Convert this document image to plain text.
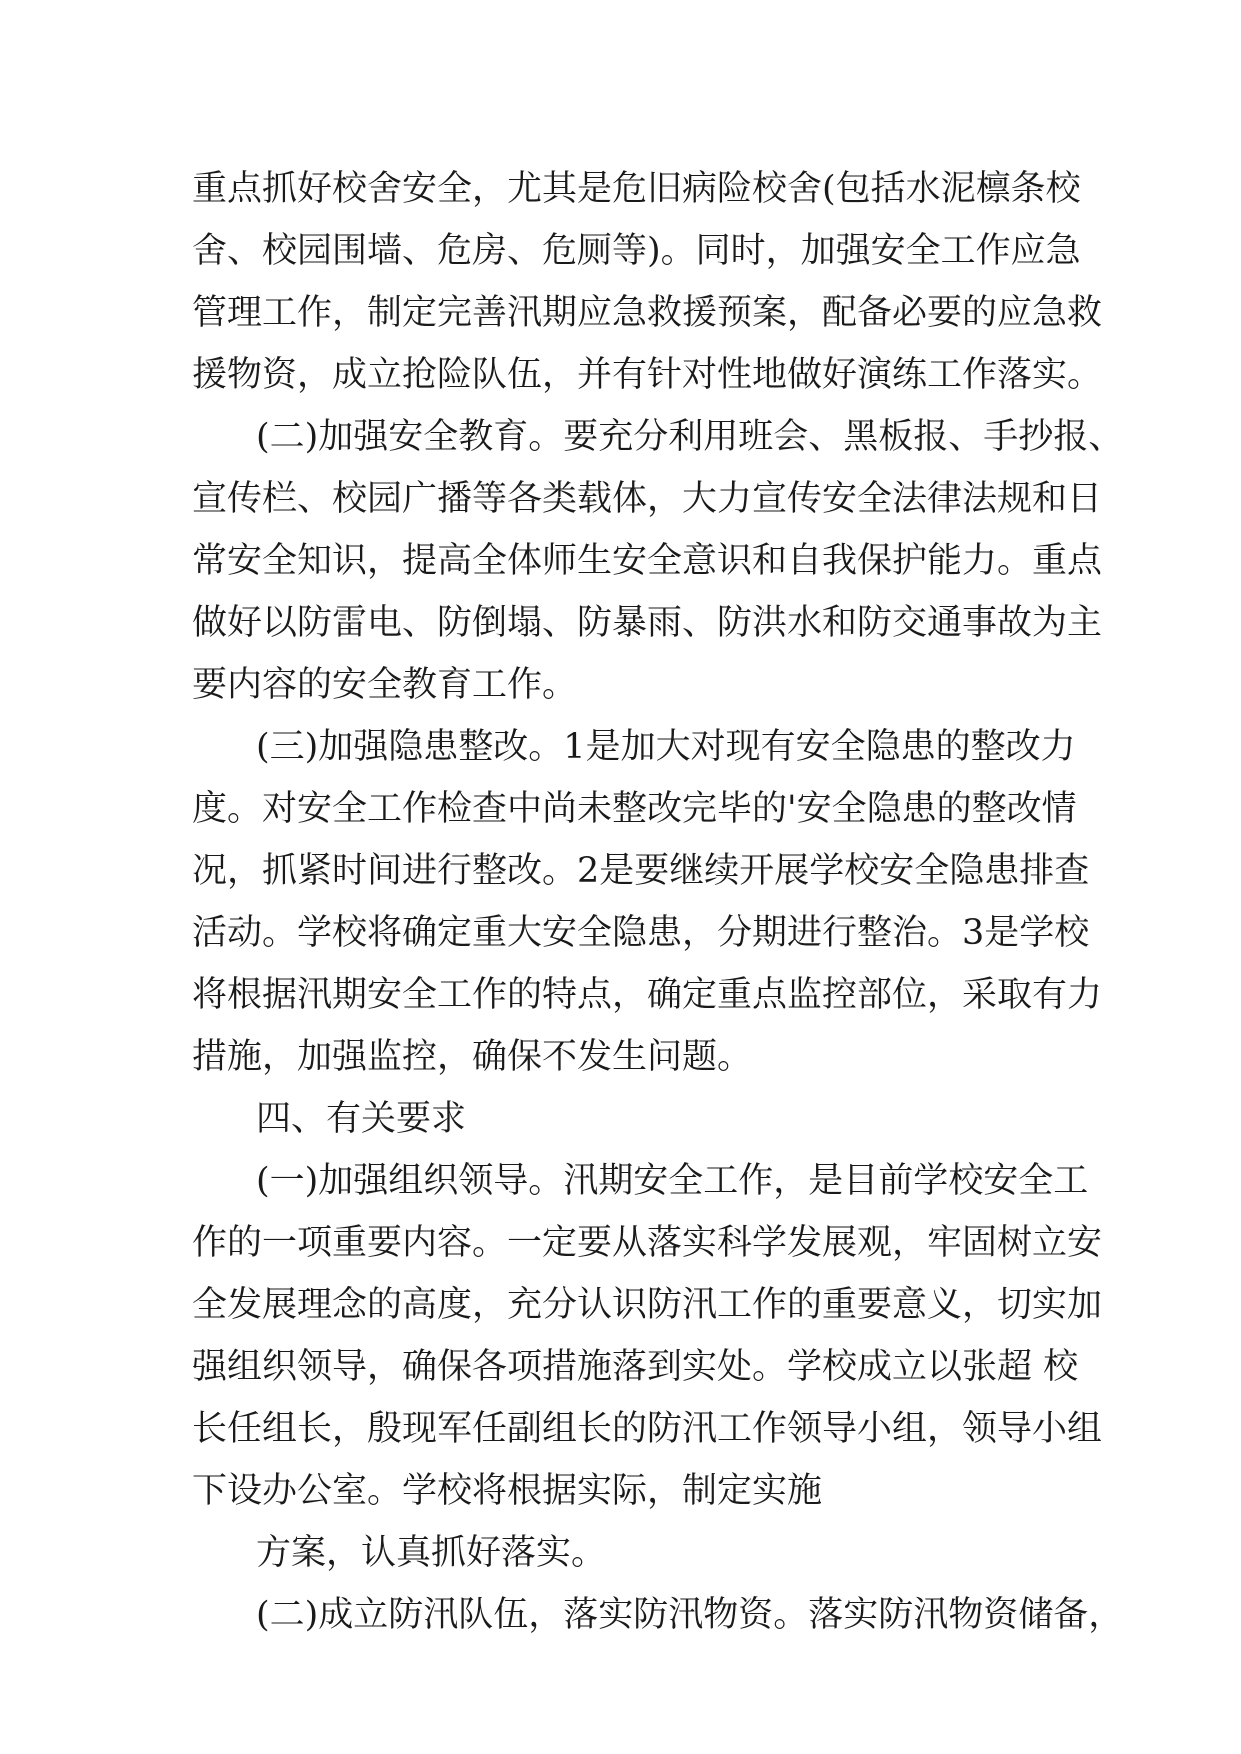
重点抓好校舍安全，尤其是危旧病险校舍(包括水泥檩条校
舍、校园围墙、危房、危厕等)。同时，加强安全工作应急
管理工作，制定完善汛期应急救援预案，配备必要的应急救
援物资，成立抢险队伍，并有针对性地做好演练工作落实。
(二)加强安全教育。要充分利用班会、黑板报、手抄报、
宣传栏、校园广播等各类载体，大力宣传安全法律法规和日
常安全知识，提高全体师生安全意识和自我保护能力。重点
做好以防雷电、防倒塌、防暴雨、防洪水和防交通事故为主
要内容的安全教育工作。
(三)加强隐患整改。1是加大对现有安全隐患的整改力
度。对安全工作检查中尚未整改完毕的'安全隐患的整改情
况，抓紧时间进行整改。2是要继续开展学校安全隐患排查
活动。学校将确定重大安全隐患，分期进行整治。3是学校
将根据汛期安全工作的特点，确定重点监控部位，采取有力
措施，加强监控，确保不发生问题。
四、有关要求
(一)加强组织领导。汛期安全工作，是目前学校安全工
作的一项重要内容。一定要从落实科学发展观，牢固树立安
全发展理念的高度，充分认识防汛工作的重要意义，切实加
强组织领导，确保各项措施落到实处。学校成立以张超 校
长任组长，殷现军任副组长的防汛工作领导小组，领导小组
下设办公室。学校将根据实际，制定实施
方案，认真抓好落实。
(二)成立防汛队伍，落实防汛物资。落实防汛物资储备，
